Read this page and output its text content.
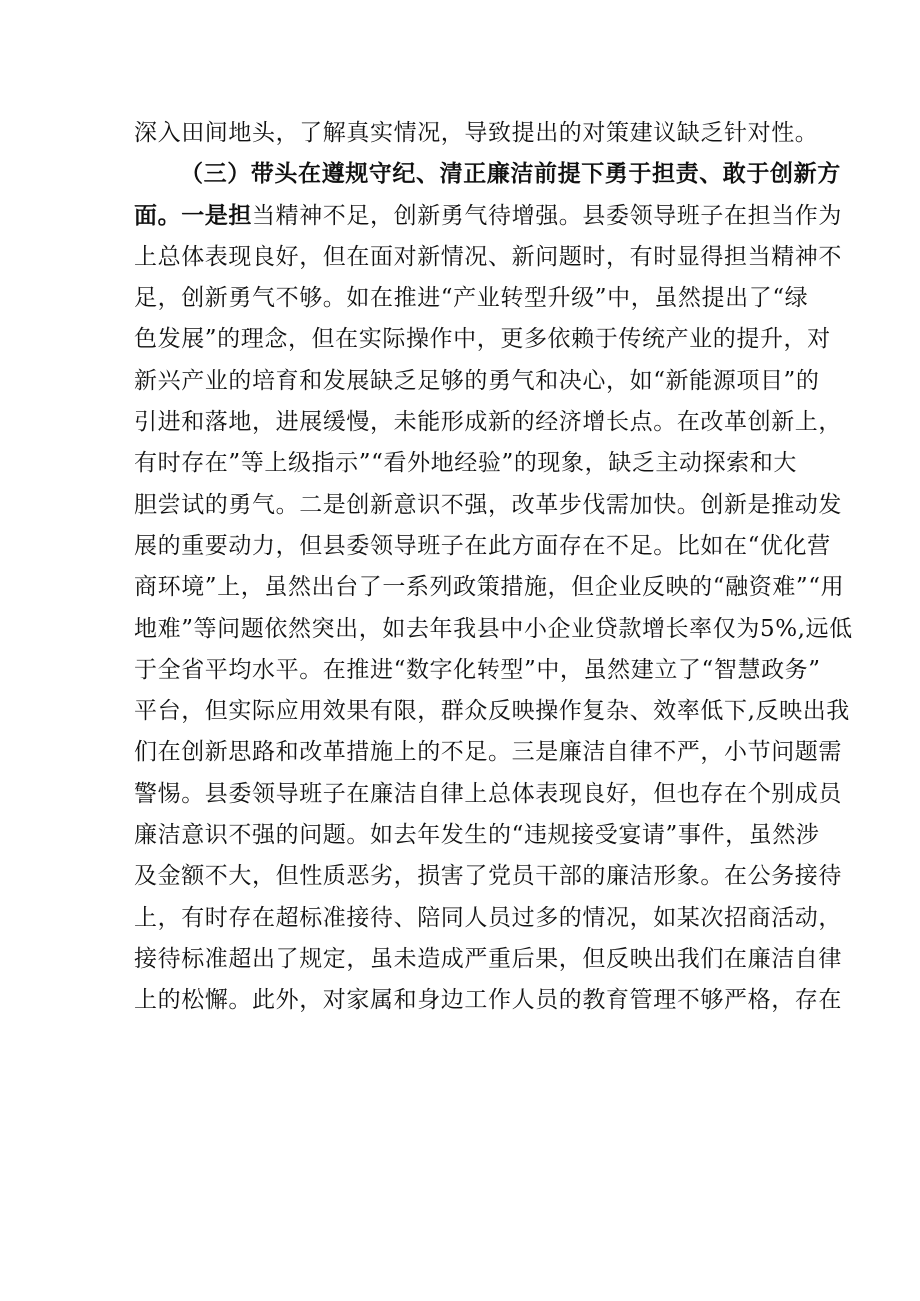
深入田间地头，了解真实情况，导致提出的对策建议缺乏针对性。
（三）带头在遵规守纪、清正廉洁前提下勇于担责、敢于创新方
面。一是担当精神不足，创新勇气待增强。县委领导班子在担当作为
上总体表现良好，但在面对新情况、新问题时，有时显得担当精神不
足，创新勇气不够。如在推进“产业转型升级”中，虽然提出了“绿
色发展”的理念，但在实际操作中，更多依赖于传统产业的提升，对
新兴产业的培育和发展缺乏足够的勇气和决心，如“新能源项目”的
引进和落地，进展缓慢，未能形成新的经济增长点。在改革创新上，
有时存在”等上级指示”“看外地经验”的现象，缺乏主动探索和大
胆尝试的勇气。二是创新意识不强，改革步伐需加快。创新是推动发
展的重要动力，但县委领导班子在此方面存在不足。比如在“优化营
商环境”上，虽然出台了一系列政策措施，但企业反映的“融资难”“用
地难”等问题依然突出，如去年我县中小企业贷款增长率仅为5%,远低
于全省平均水平。在推进“数字化转型”中，虽然建立了“智慧政务”
平台，但实际应用效果有限，群众反映操作复杂、效率低下,反映出我
们在创新思路和改革措施上的不足。三是廉洁自律不严，小节问题需
警惕。县委领导班子在廉洁自律上总体表现良好，但也存在个别成员
廉洁意识不强的问题。如去年发生的“违规接受宴请”事件，虽然涉
及金额不大，但性质恶劣，损害了党员干部的廉洁形象。在公务接待
上，有时存在超标准接待、陪同人员过多的情况，如某次招商活动，
接待标准超出了规定，虽未造成严重后果，但反映出我们在廉洁自律
上的松懈。此外，对家属和身边工作人员的教育管理不够严格，存在
